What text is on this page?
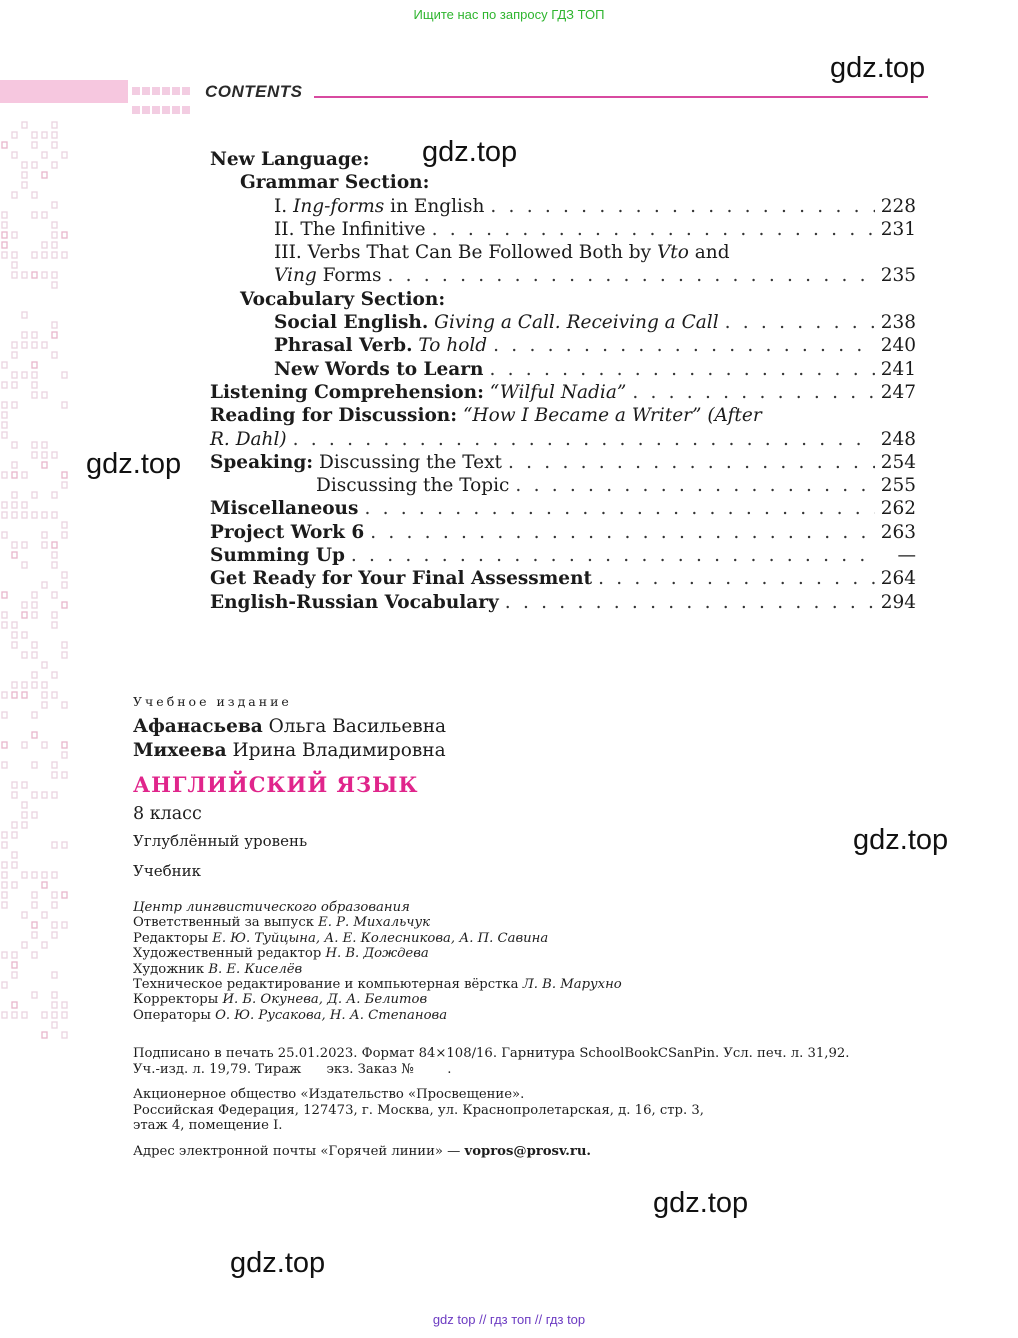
Ищите нас по запросу ГДЗ ТОП
CONTENTS
gdz.top
gdz.top
gdz.top
gdz.top
gdz.top
gdz.top
New Language:
Grammar Section:
I. Ing-forms in English . . .	228
II. The Infinitive . . .	231
III. Verbs That Can Be Followed Both by Vto and
Ving Forms . . .	235
Vocabulary Section:
Social English. Giving a Call. Receiving a Call . . .	238
Phrasal Verb. To hold . . .	240
New Words to Learn . . .	241
Listening Comprehension: “Wilful Nadia” . . .	247
Reading for Discussion: “How I Became a Writer” (After
R. Dahl) . . .	248
Speaking: Discussing the Text . . .	254
Discussing the Topic . . .	255
Miscellaneous . . .	262
Project Work 6 . . .	263
Summing Up . . .	—
Get Ready for Your Final Assessment . . .	264
English-Russian Vocabulary . . .	294
Учебное издание
Афанасьева Ольга Васильевна
Михеева Ирина Владимировна
АНГЛИЙСКИЙ ЯЗЫК
8 класс
Углублённый уровень
Учебник
Центр лингвистического образования
Ответственный за выпуск Е. Р. Михальчук
Редакторы Е. Ю. Туйцына, А. Е. Колесникова, А. П. Савина
Художественный редактор Н. В. Дождева
Художник В. Е. Киселёв
Техническое редактирование и компьютерная вёрстка Л. В. Марухно
Корректоры И. Б. Окунева, Д. А. Белитов
Операторы О. Ю. Русакова, Н. А. Степанова
Подписано в печать 25.01.2023. Формат 84×108/16. Гарнитура SchoolBookCSanPin. Усл. печ. л. 31,92.
Уч.-изд. л. 19,79. Тираж      экз. Заказ №        .
Акционерное общество «Издательство «Просвещение».
Российская Федерация, 127473, г. Москва, ул. Краснопролетарская, д. 16, стр. 3,
этаж 4, помещение I.
Адрес электронной почты «Горячей линии» — vopros@prosv.ru.
gdz top // гдз топ // гдз top
